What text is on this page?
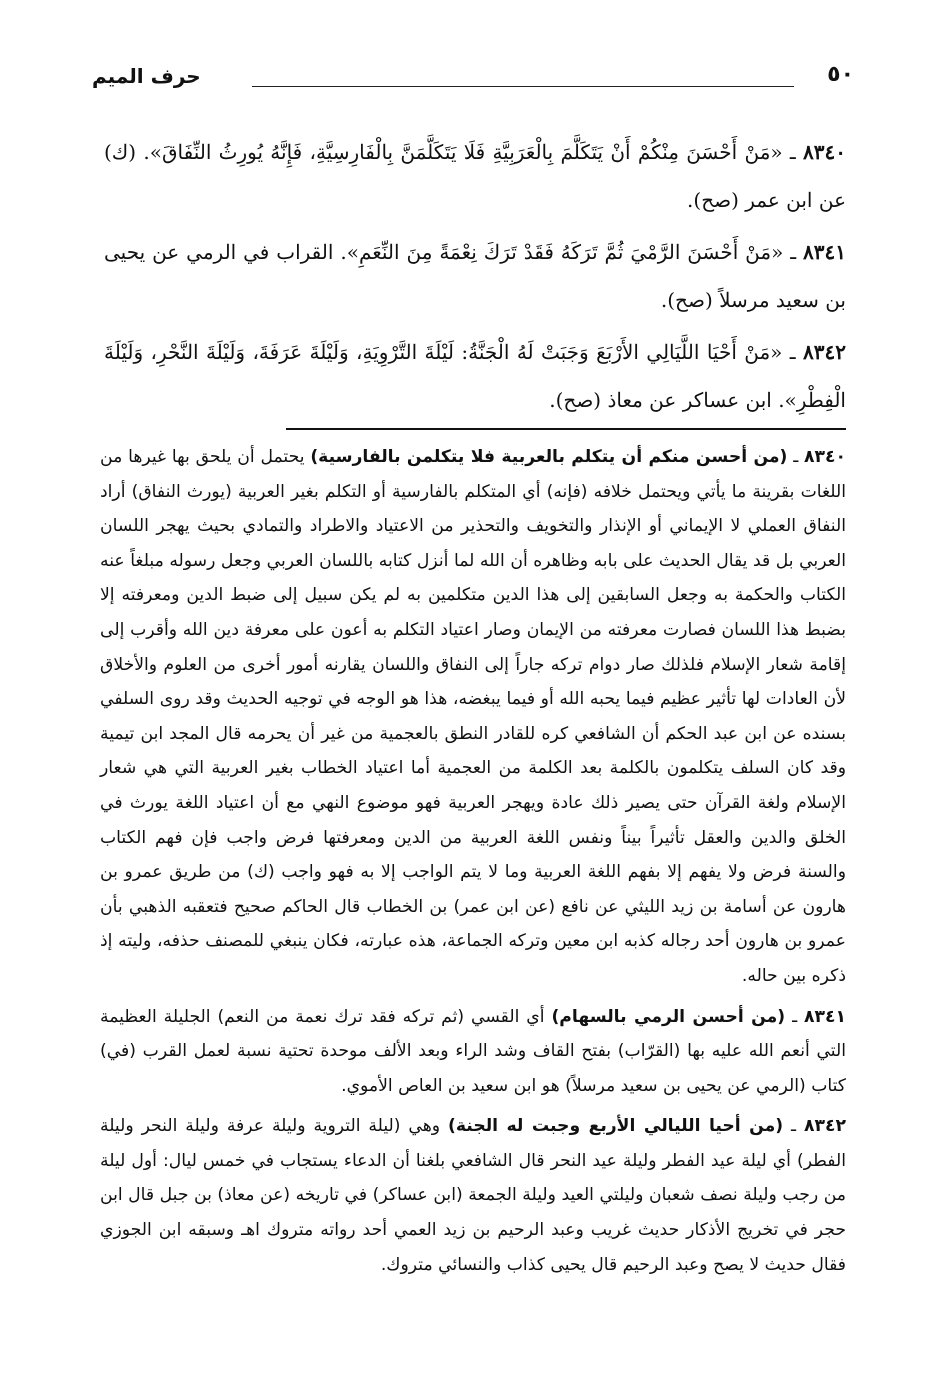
٥٠
حرف الميم

٨٣٤٠ ـ «مَنْ أَحْسَنَ مِنْكُمْ أَنْ يَتَكَلَّمَ بِالْعَرَبِيَّةِ فَلَا يَتَكَلَّمَنَّ بِالْفَارِسِيَّةِ، فَإِنَّهُ يُورِثُ النِّفَاقَ». (ك) عن ابن عمر (صح).

٨٣٤١ ـ «مَنْ أَحْسَنَ الرَّمْيَ ثُمَّ تَرَكَهُ فَقَدْ تَرَكَ نِعْمَةً مِنَ النِّعَمِ». القراب في الرمي عن يحيى بن سعيد مرسلاً (صح).

٨٣٤٢ ـ «مَنْ أَحْيَا اللَّيَالِي الأَرْبَعَ وَجَبَتْ لَهُ الْجَنَّةُ: لَيْلَةَ التَّرْوِيَةِ، وَلَيْلَةَ عَرَفَةَ، وَلَيْلَةَ النَّحْرِ، وَلَيْلَةَ الْفِطْرِ». ابن عساكر عن معاذ (صح).

٨٣٤٠ ـ (من أحسن منكم أن يتكلم بالعربية فلا يتكلمن بالفارسية) يحتمل أن يلحق بها غيرها من اللغات بقرينة ما يأتي ويحتمل خلافه (فإنه) أي المتكلم بالفارسية أو التكلم بغير العربية (يورث النفاق) أراد النفاق العملي لا الإيماني أو الإنذار والتخويف والتحذير من الاعتياد والاطراد والتمادي بحيث يهجر اللسان العربي بل قد يقال الحديث على بابه وظاهره أن الله لما أنزل كتابه باللسان العربي وجعل رسوله مبلغاً عنه الكتاب والحكمة به وجعل السابقين إلى هذا الدين متكلمين به لم يكن سبيل إلى ضبط الدين ومعرفته إلا بضبط هذا اللسان فصارت معرفته من الإيمان وصار اعتياد التكلم به أعون على معرفة دين الله وأقرب إلى إقامة شعار الإسلام فلذلك صار دوام تركه جاراً إلى النفاق واللسان يقارنه أمور أخرى من العلوم والأخلاق لأن العادات لها تأثير عظيم فيما يحبه الله أو فيما يبغضه، هذا هو الوجه في توجيه الحديث وقد روى السلفي بسنده عن ابن عبد الحكم أن الشافعي كره للقادر النطق بالعجمية من غير أن يحرمه قال المجد ابن تيمية وقد كان السلف يتكلمون بالكلمة بعد الكلمة من العجمية أما اعتياد الخطاب بغير العربية التي هي شعار الإسلام ولغة القرآن حتى يصير ذلك عادة ويهجر العربية فهو موضوع النهي مع أن اعتياد اللغة يورث في الخلق والدين والعقل تأثيراً بيناً ونفس اللغة العربية من الدين ومعرفتها فرض واجب فإن فهم الكتاب والسنة فرض ولا يفهم إلا بفهم اللغة العربية وما لا يتم الواجب إلا به فهو واجب (ك) من طريق عمرو بن هارون عن أسامة بن زيد الليثي عن نافع (عن ابن عمر) بن الخطاب قال الحاكم صحيح فتعقبه الذهبي بأن عمرو بن هارون أحد رجاله كذبه ابن معين وتركه الجماعة، هذه عبارته، فكان ينبغي للمصنف حذفه، وليته إذ ذكره بين حاله.

٨٣٤١ ـ (من أحسن الرمي بالسهام) أي القسي (ثم تركه فقد ترك نعمة من النعم) الجليلة العظيمة التي أنعم الله عليه بها (القرّاب) بفتح القاف وشد الراء وبعد الألف موحدة تحتية نسبة لعمل القرب (في) كتاب (الرمي عن يحيى بن سعيد مرسلاً) هو ابن سعيد بن العاص الأموي.

٨٣٤٢ ـ (من أحيا الليالي الأربع وجبت له الجنة) وهي (ليلة التروية وليلة عرفة وليلة النحر وليلة الفطر) أي ليلة عيد الفطر وليلة عيد النحر قال الشافعي بلغنا أن الدعاء يستجاب في خمس ليال: أول ليلة من رجب وليلة نصف شعبان وليلتي العيد وليلة الجمعة (ابن عساكر) في تاريخه (عن معاذ) بن جبل قال ابن حجر في تخريج الأذكار حديث غريب وعبد الرحيم بن زيد العمي أحد رواته متروك اهـ وسبقه ابن الجوزي فقال حديث لا يصح وعبد الرحيم قال يحيى كذاب والنسائي متروك.
